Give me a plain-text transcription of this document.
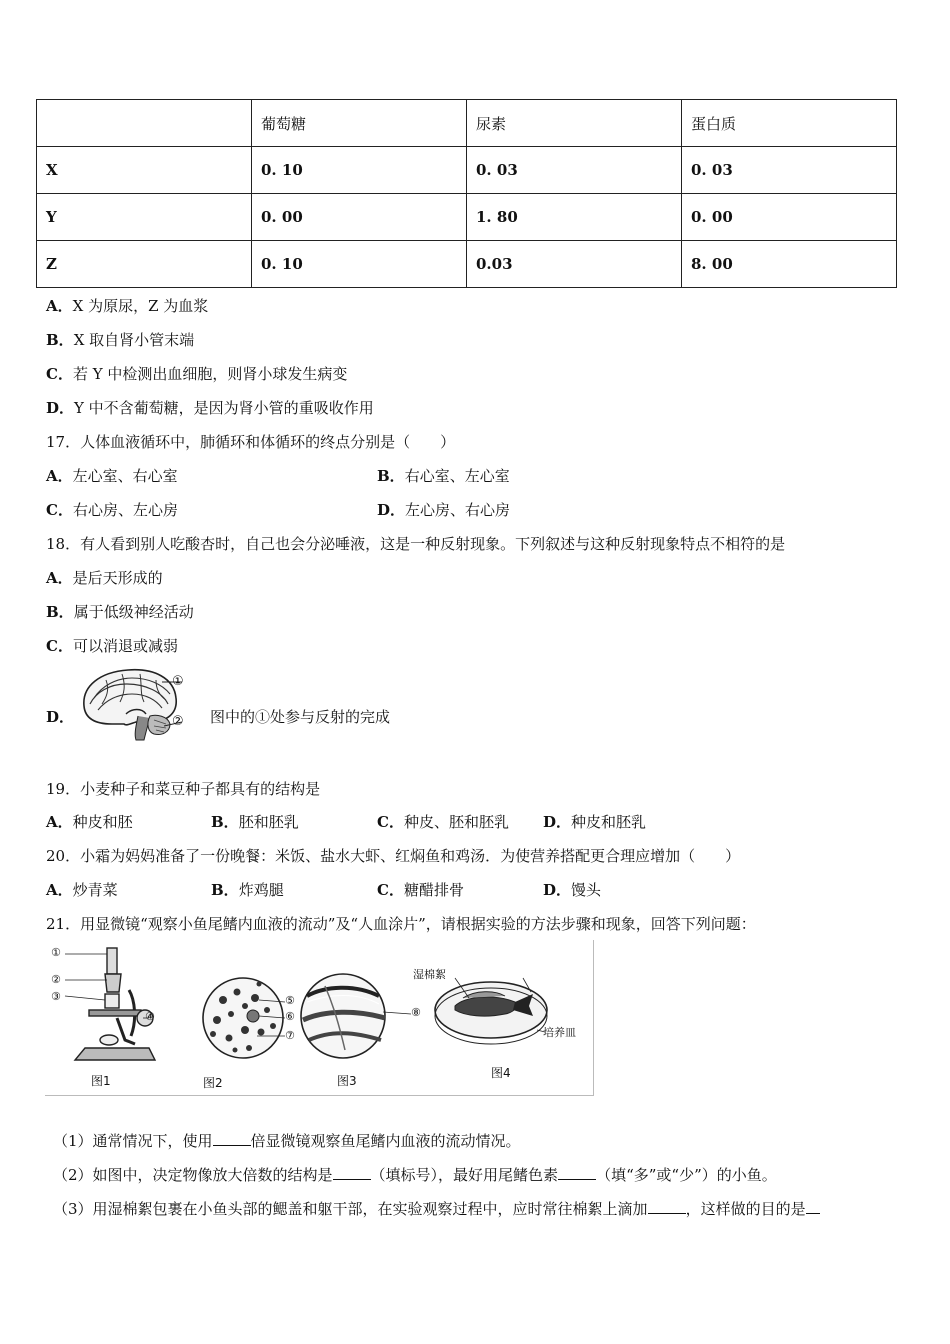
	葡萄糖	尿素	蛋白质
X	0. 10	0. 03	0. 03
Y	0. 00	1. 80	0. 00
Z	0. 10	0.03	8. 00
A．X 为原尿，Z 为血浆
B．X 取自肾小管末端
C．若 Y 中检测出血细胞，则肾小球发生病变
D．Y 中不含葡萄糖，是因为肾小管的重吸收作用
17．人体血液循环中，肺循环和体循环的终点分别是（　　）
A．左心室、右心室	B．右心室、左心室
C．右心房、左心房	D．左心房、右心房
18．有人看到别人吃酸杏时，自己也会分泌唾液，这是一种反射现象。下列叙述与这种反射现象特点不相符的是
A．是后天形成的
B．属于低级神经活动
C．可以消退或减弱
D．
①
② 图中的①处参与反射的完成
19．小麦种子和菜豆种子都具有的结构是
A．种皮和胚	B．胚和胚乳	C．种皮、胚和胚乳 D．种皮和胚乳
20．小霜为妈妈准备了一份晚餐：米饭、盐水大虾、红焖鱼和鸡汤．为使营养搭配更合理应增加（　　）
A．炒青菜	B．炸鸡腿	C．糖醋排骨	D．馒头
21．用显微镜“观察小鱼尾鳍内血液的流动”及“人血涂片”，请根据实验的方法步骤和现象，回答下列问题：
图1	图2	图3
图4
①
②
③
④
⑤
⑥
⑦
⑧
湿棉絮
培养皿
（1）通常情况下，使用	倍显微镜观察鱼尾鳍内血液的流动情况。
（2）如图中，决定物像放大倍数的结构是	（填标号），最好用尾鳍色素	（填“多”或“少”）的小鱼。
（3）用湿棉絮包裹在小鱼头部的鳃盖和躯干部，在实验观察过程中，应时常往棉絮上滴加	，这样做的目的是
